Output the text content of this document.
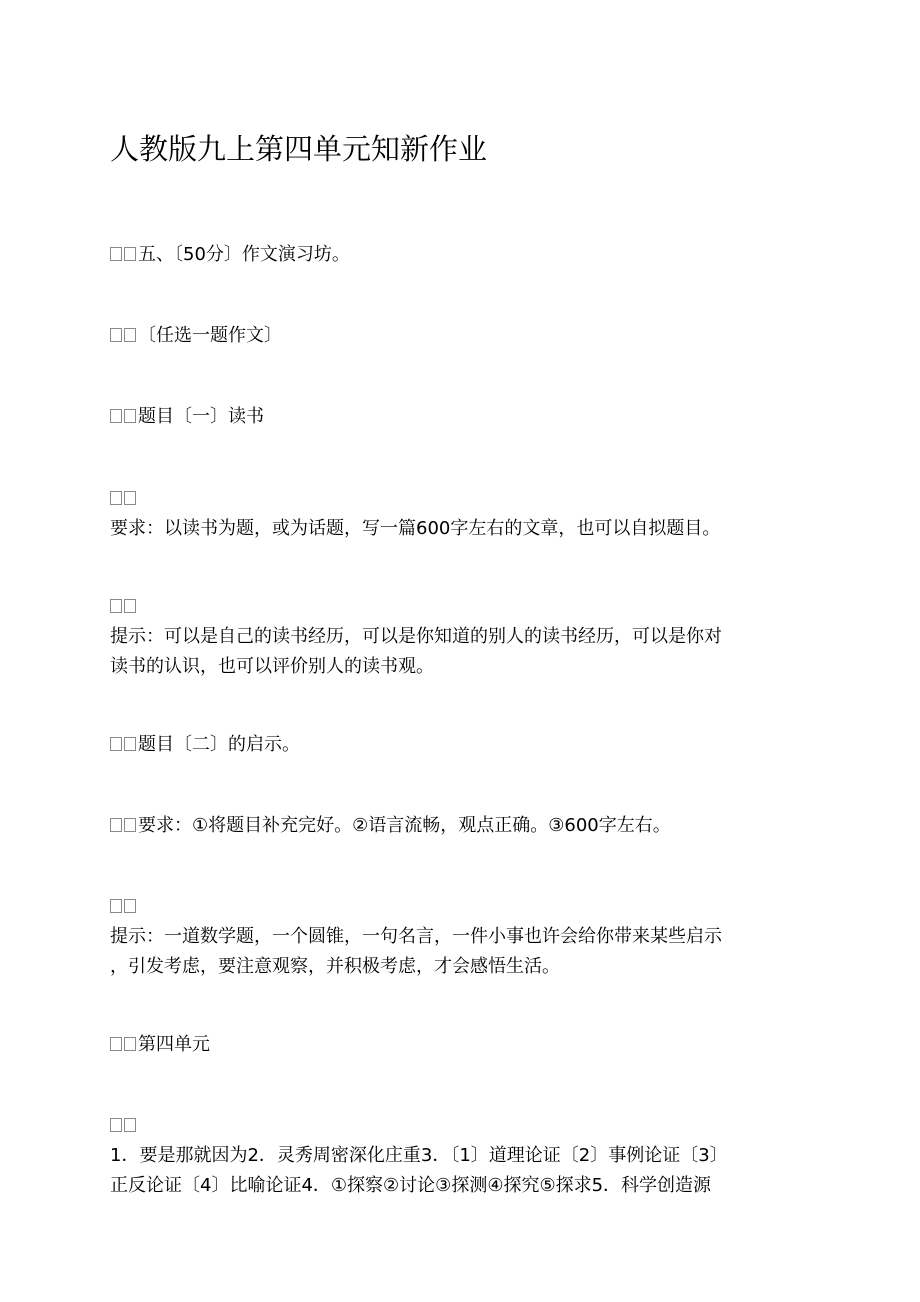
人教版九上第四单元知新作业
五、〔50分〕作文演习坊。
〔任选一题作文〕
题目〔一〕读书
要求：以读书为题，或为话题，写一篇600字左右的文章，也可以自拟题目。
提示：可以是自己的读书经历，可以是你知道的别人的读书经历，可以是你对
读书的认识，也可以评价别人的读书观。
题目〔二〕的启示。
要求：①将题目补充完好。②语言流畅，观点正确。③600字左右。
提示：一道数学题，一个圆锥，一句名言，一件小事也许会给你带来某些启示
，引发考虑，要注意观察，并积极考虑，才会感悟生活。
第四单元
1．要是那就因为2．灵秀周密深化庄重3．〔1〕道理论证〔2〕事例论证〔3〕
正反论证〔4〕比喻论证4．①探察②讨论③探测④探究⑤探求5．科学创造源
